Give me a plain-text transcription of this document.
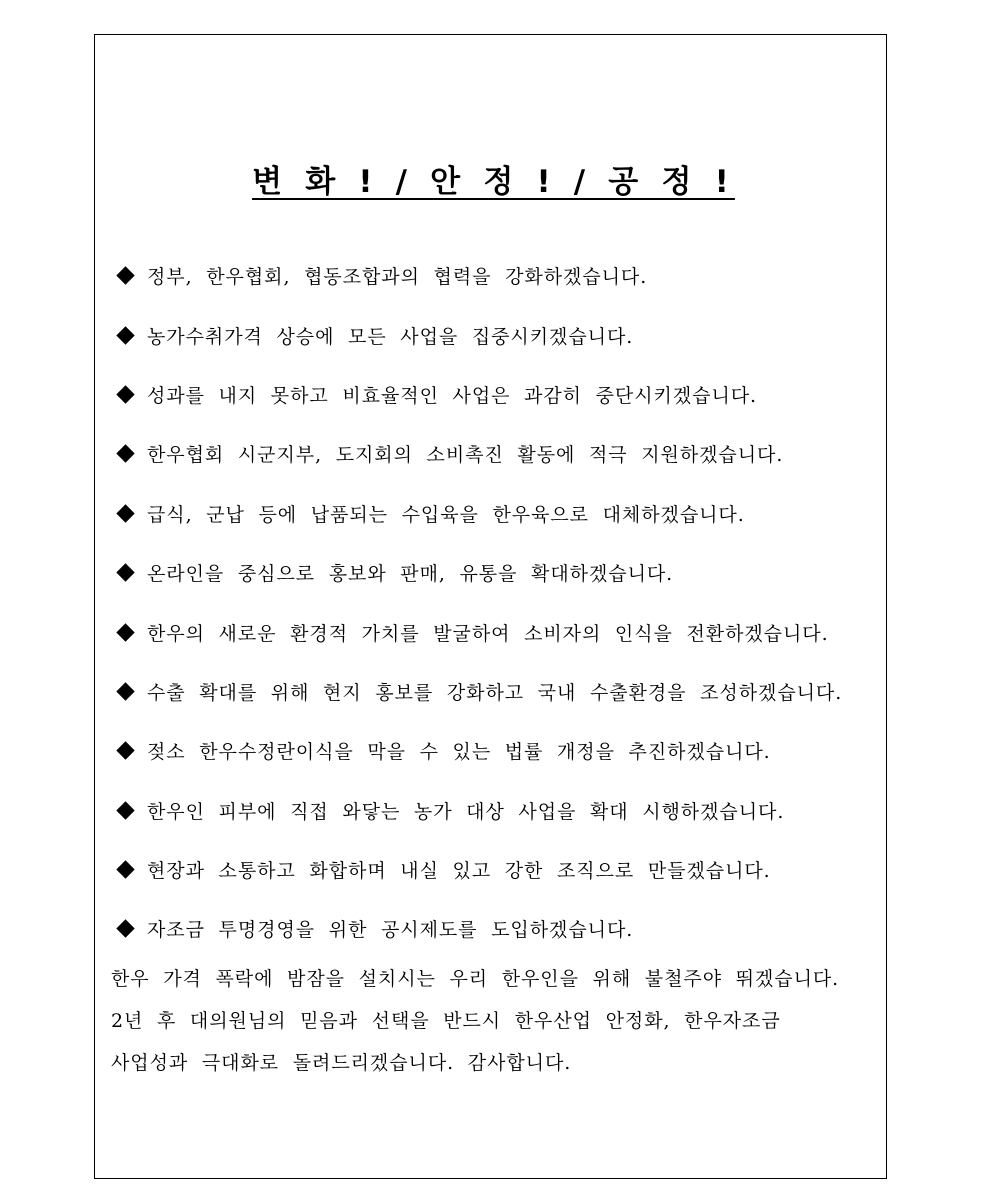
변 화 ! / 안 정 ! / 공 정 !
정부, 한우협회, 협동조합과의 협력을 강화하겠습니다.
농가수취가격 상승에 모든 사업을 집중시키겠습니다.
성과를 내지 못하고 비효율적인 사업은 과감히 중단시키겠습니다.
한우협회 시군지부, 도지회의 소비촉진 활동에 적극 지원하겠습니다.
급식, 군납 등에 납품되는 수입육을 한우육으로 대체하겠습니다.
온라인을 중심으로 홍보와 판매, 유통을 확대하겠습니다.
한우의 새로운 환경적 가치를 발굴하여 소비자의 인식을 전환하겠습니다.
수출 확대를 위해 현지 홍보를 강화하고 국내 수출환경을 조성하겠습니다.
젖소 한우수정란이식을 막을 수 있는 법률 개정을 추진하겠습니다.
한우인 피부에 직접 와닿는 농가 대상 사업을 확대 시행하겠습니다.
현장과 소통하고 화합하며 내실 있고 강한 조직으로 만들겠습니다.
자조금 투명경영을 위한 공시제도를 도입하겠습니다.

한우 가격 폭락에 밤잠을 설치시는 우리 한우인을 위해 불철주야 뛰겠습니다.
2년 후 대의원님의 믿음과 선택을 반드시 한우산업 안정화, 한우자조금
사업성과 극대화로 돌려드리겠습니다. 감사합니다.
